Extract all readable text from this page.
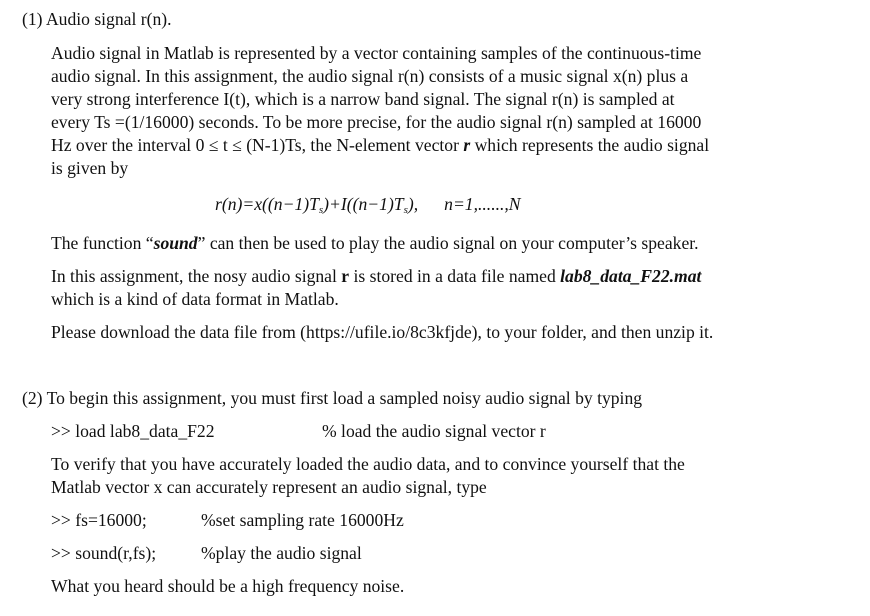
(1) Audio signal r(n).
Audio signal in Matlab is represented by a vector containing samples of the continuous-time
audio signal. In this assignment, the audio signal r(n) consists of a music signal x(n) plus a
very strong interference I(t), which is a narrow band signal. The signal r(n) is sampled at
every Ts =(1/16000) seconds. To be more precise, for the audio signal r(n) sampled at 16000
Hz over the interval 0 ≤ t ≤ (N-1)Ts, the N-element vector r which represents the audio signal
is given by
$r(n)=x((n-1)T_s)+I((n-1)T_s)$, n=1,......,N
The function “sound” can then be used to play the audio signal on your computer’s speaker.
In this assignment, the nosy audio signal r is stored in a data file named lab8_data_F22.mat
which is a kind of data format in Matlab.
Please download the data file from (https://ufile.io/8c3kfjde), to your folder, and then unzip it.
(2) To begin this assignment, you must first load a sampled noisy audio signal by typing
>> load lab8_data_F22	% load the audio signal vector r
To verify that you have accurately loaded the audio data, and to convince yourself that the
Matlab vector x can accurately represent an audio signal, type
>> fs=16000;	%set sampling rate 16000Hz
>> sound(r,fs);	%play the audio signal
What you heard should be a high frequency noise.
